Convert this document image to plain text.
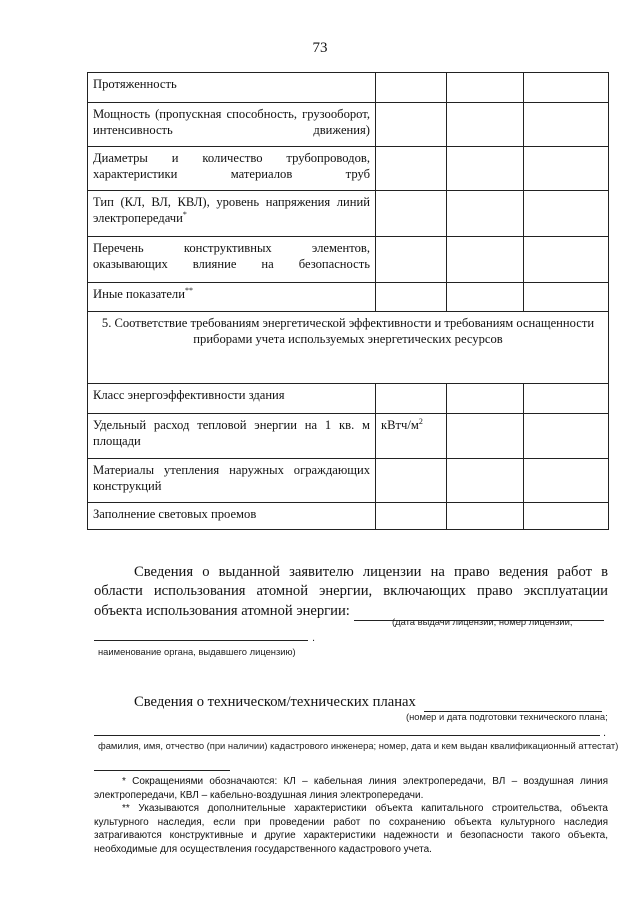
73
Протяженность			
Мощность (пропускная способность, грузооборот, интенсивность движения)			
Диаметры и количество трубопроводов, характеристики материалов труб			
Тип (КЛ, ВЛ, КВЛ), уровень напряжения линий электропередачи*			
Перечень конструктивных элементов, оказывающих влияние на безопасность			
Иные показатели**			
5. Соответствие требованиям энергетической эффективности и требованиям оснащенности приборами учета используемых энергетических ресурсов			
Класс энергоэффективности здания			
Удельный расход тепловой энергии на 1 кв. м площади	кВтч/$м^2$		
Материалы утепления наружных ограждающих конструкций			
Заполнение световых проемов			
Сведения о выданной заявителю лицензии на право ведения работ в области использования атомной энергии, включающих право эксплуатации объекта использования атомной энергии:
(дата выдачи лицензии, номер лицензии,
.
наименование органа, выдавшего лицензию)
Сведения о техническом/технических планах
(номер и дата подготовки технического плана;
.
фамилия, имя, отчество (при наличии) кадастрового инженера; номер, дата и кем выдан квалификационный аттестат)
* Сокращениями обозначаются: КЛ – кабельная линия электропередачи, ВЛ – воздушная линия электропередачи, КВЛ – кабельно-воздушная линия электропередачи.
** Указываются дополнительные характеристики объекта капитального строительства, объекта культурного наследия, если при проведении работ по сохранению объекта культурного наследия затрагиваются конструктивные и другие характеристики надежности и безопасности такого объекта, необходимые для осуществления государственного кадастрового учета.
